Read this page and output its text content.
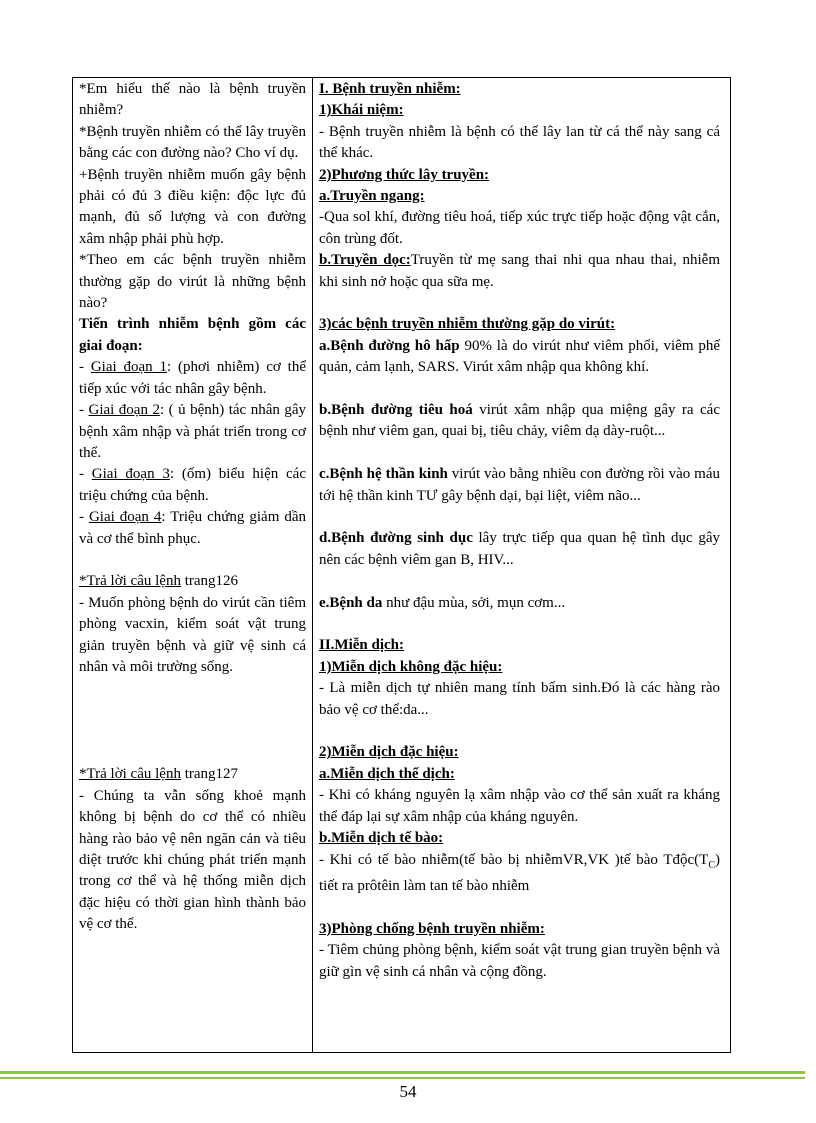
*Em hiểu thế nào là bệnh truyền nhiễm?

*Bệnh truyền nhiễm có thể lây truyền bằng các con đường nào? Cho ví dụ.

+Bệnh truyền nhiễm muốn gây bệnh phải có đủ 3 điều kiện: độc lực đủ mạnh, đủ số lượng và con đường xâm nhập phải phù hợp.

*Theo em các bệnh truyền nhiễm thường gặp do virút là những bệnh nào?

Tiến trình nhiễm bệnh gồm các giai đoạn:

- Giai đoạn 1: (phơi nhiễm) cơ thể tiếp xúc với tác nhân gây bệnh.

- Giai đoạn 2: ( ủ bệnh) tác nhân gây bệnh xâm nhập và phát triển trong cơ thể.

- Giai đoạn 3: (ốm) biểu hiện các triệu chứng của bệnh.

- Giai đoạn 4: Triệu chứng giảm dần và cơ thể bình phục.

*Trả lời câu lệnh trang126

- Muốn phòng bệnh do virút cần tiêm phòng vacxin, kiểm soát vật trung giản truyền bệnh và giữ vệ sinh cá nhân và môi trường sống.

*Trả lời câu lệnh trang127

- Chúng ta vẫn sống khoẻ mạnh không bị bệnh do cơ thể có nhiều hàng rào bảo vệ nên ngăn cản và tiêu diệt trước khi chúng phát triển mạnh trong cơ thể và hệ thống miễn dịch đặc hiệu có thời gian hình thành bảo vệ cơ thể.

I. Bệnh truyền nhiễm:

1)Khái niệm:

- Bệnh truyền nhiễm là bệnh có thể lây lan từ cá thể này sang cá thể khác.

2)Phương thức lây truyền:

a.Truyền ngang:

-Qua sol khí, đường tiêu hoá, tiếp xúc trực tiếp hoặc động vật cắn, côn trùng đốt.

b.Truyền dọc:Truyền từ mẹ sang thai nhi qua nhau thai, nhiễm khi sinh nở hoặc qua sữa mẹ.

3)các bệnh truyền nhiễm thường gặp do virút:

a.Bệnh đường hô hấp 90% là do virút như viêm phổi, viêm phế quản, cảm lạnh, SARS. Virút xâm nhập qua không khí.

b.Bệnh đường tiêu hoá virút xâm nhập qua miệng gây ra các bệnh như viêm gan, quai bị, tiêu chảy, viêm dạ dày-ruột...

c.Bệnh hệ thần kinh virút vào bằng nhiều con đường rồi vào máu tới hệ thần kinh TƯ gây bệnh dại, bại liệt, viêm não...

d.Bệnh đường sinh dục lây trực tiếp qua quan hệ tình dục gây nên các bệnh viêm gan B, HIV...

e.Bệnh da như đậu mùa, sởi, mụn cơm...

II.Miễn dịch:

1)Miễn dịch không đặc hiệu:

- Là miễn dịch tự nhiên mang tính bẩm sinh.Đó là các hàng rào bảo vệ cơ thể:da...

2)Miễn dịch đặc hiệu:

a.Miễn dịch thể dịch:

- Khi có kháng nguyên lạ xâm nhập vào cơ thể sản xuất ra kháng thể đáp lại sự xâm nhập của kháng nguyên.

b.Miễn dịch tế bào:

- Khi có tế bào nhiễm(tế bào bị nhiễmVR,VK )tế bào $Tđộc(T_C)$ tiết ra prôtêin làm tan tế bào nhiễm

3)Phòng chống bệnh truyền nhiễm:

- Tiêm chủng phòng bệnh, kiểm soát vật trung gian truyền bệnh và giữ gìn vệ sinh cá nhân và cộng đồng.

54
